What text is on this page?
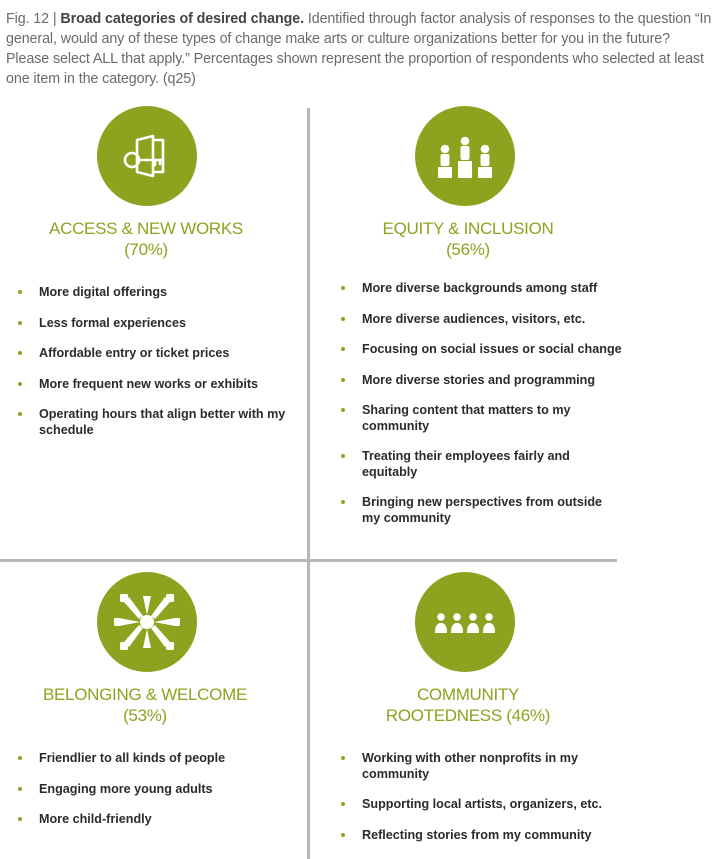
Fig. 12 | Broad categories of desired change. Identified through factor analysis of responses to the question “In general, would any of these types of change make arts or culture organizations better for you in the future? Please select ALL that apply.” Percentages shown represent the proportion of respondents who selected at least one item in the category. (q25)
ACCESS & NEW WORKS
(70%)
More digital offerings
Less formal experiences
Affordable entry or ticket prices
More frequent new works or exhibits
Operating hours that align better with my schedule
EQUITY & INCLUSION
(56%)
More diverse backgrounds among staff
More diverse audiences, visitors, etc.
Focusing on social issues or social change
More diverse stories and programming
Sharing content that matters to my community
Treating their employees fairly and equitably
Bringing new perspectives from outside my community
BELONGING & WELCOME
(53%)
Friendlier to all kinds of people
Engaging more young adults
More child-friendly
COMMUNITY
ROOTEDNESS (46%)
Working with other nonprofits in my community
Supporting local artists, organizers, etc.
Reflecting stories from my community
